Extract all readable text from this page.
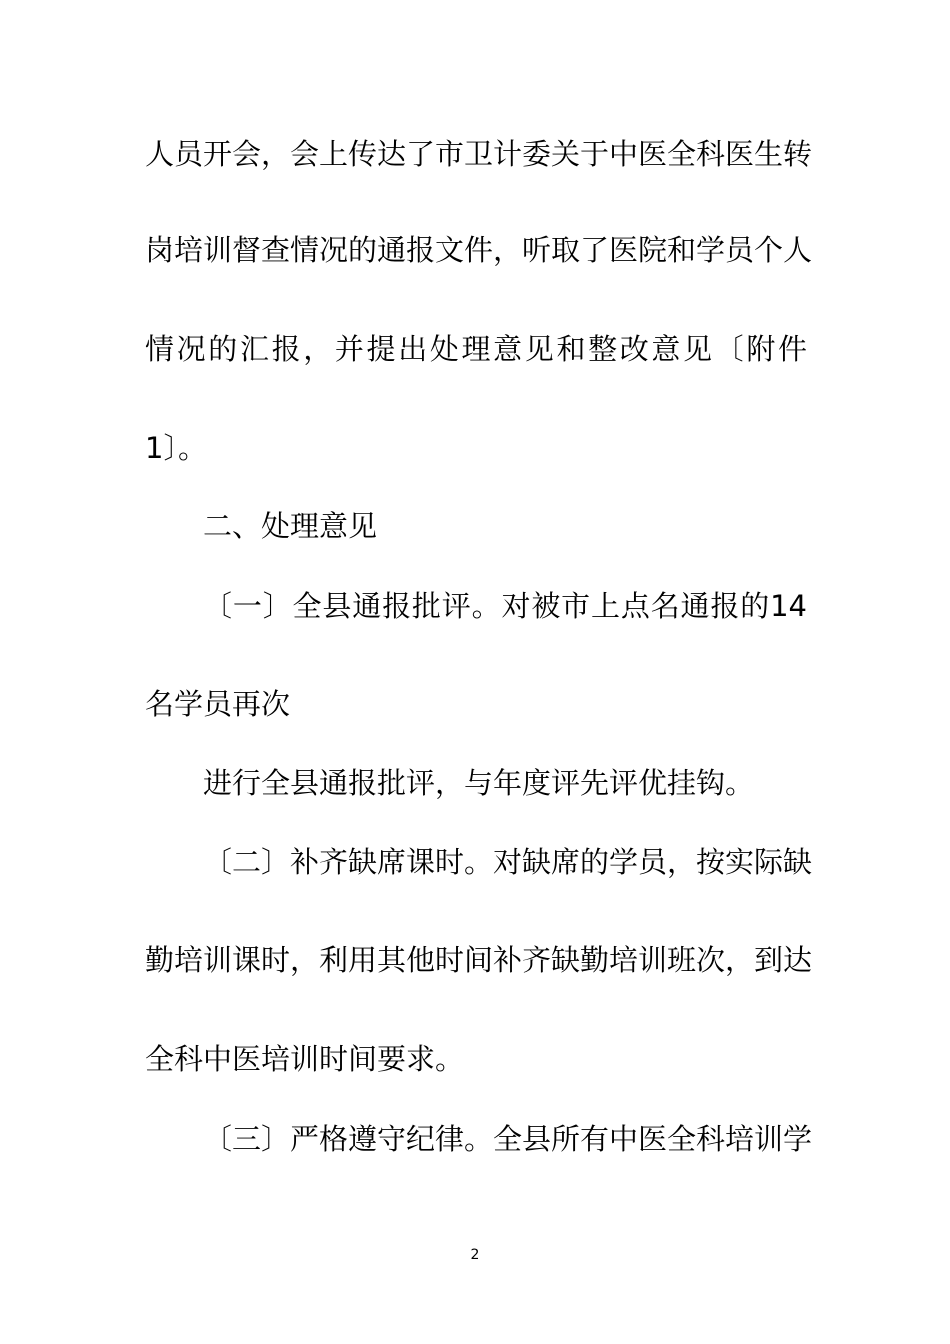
人员开会，会上传达了市卫计委关于中医全科医生转
岗培训督查情况的通报文件，听取了医院和学员个人
情况的汇报，并提出处理意见和整改意见〔附件
1〕。
二、处理意见
〔一〕全县通报批评。对被市上点名通报的14
名学员再次
进行全县通报批评，与年度评先评优挂钩。
〔二〕补齐缺席课时。对缺席的学员，按实际缺
勤培训课时，利用其他时间补齐缺勤培训班次，到达
全科中医培训时间要求。
〔三〕严格遵守纪律。全县所有中医全科培训学
2
